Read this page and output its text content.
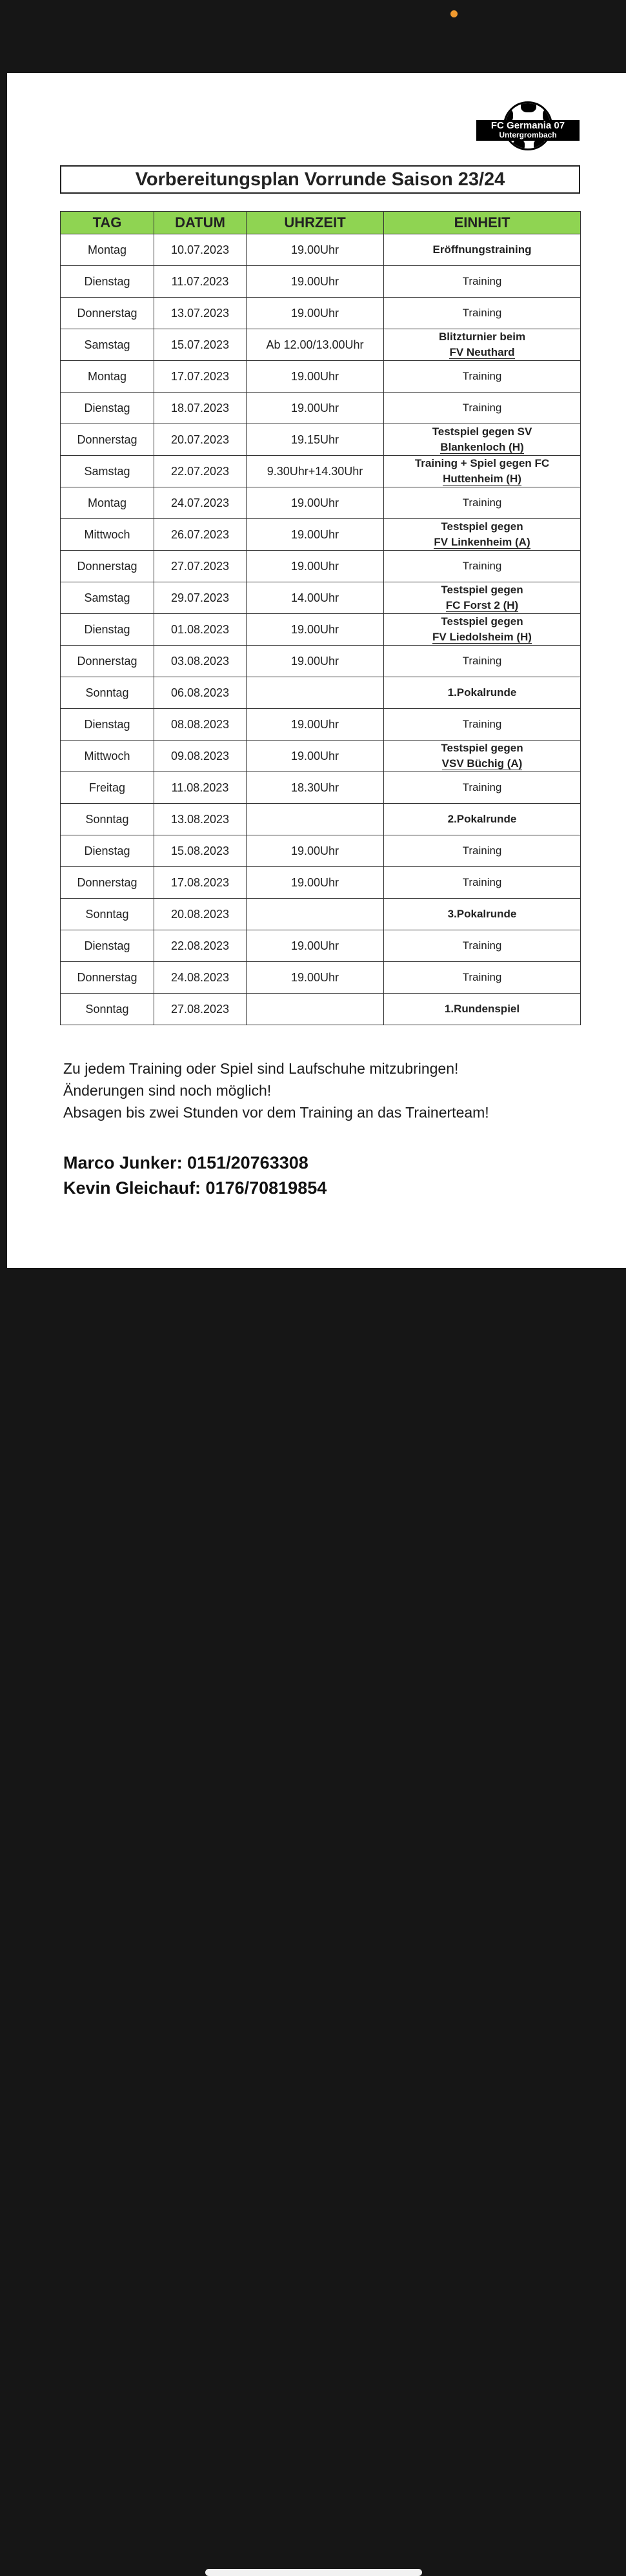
FC Germania 07
Untergrombach
Vorbereitungsplan Vorrunde Saison 23/24
TAG	DATUM	UHRZEIT	EINHEIT
Montag	10.07.2023	19.00Uhr	Eröffnungstraining

Dienstag	11.07.2023	19.00Uhr	Training

Donnerstag	13.07.2023	19.00Uhr	Training

Samstag	15.07.2023	Ab 12.00/13.00Uhr	Blitzturnier beim
FV Neuthard

Montag	17.07.2023	19.00Uhr	Training

Dienstag	18.07.2023	19.00Uhr	Training

Donnerstag	20.07.2023	19.15Uhr	Testspiel gegen SV
Blankenloch (H)

Samstag	22.07.2023	9.30Uhr+14.30Uhr	Training + Spiel gegen FC
Huttenheim (H)

Montag	24.07.2023	19.00Uhr	Training

Mittwoch	26.07.2023	19.00Uhr	Testspiel gegen
FV Linkenheim (A)

Donnerstag	27.07.2023	19.00Uhr	Training

Samstag	29.07.2023	14.00Uhr	Testspiel gegen
FC Forst 2 (H)

Dienstag	01.08.2023	19.00Uhr	Testspiel gegen
FV Liedolsheim (H)

Donnerstag	03.08.2023	19.00Uhr	Training

Sonntag	06.08.2023		1.Pokalrunde

Dienstag	08.08.2023	19.00Uhr	Training

Mittwoch	09.08.2023	19.00Uhr	Testspiel gegen
VSV Büchig (A)

Freitag	11.08.2023	18.30Uhr	Training

Sonntag	13.08.2023		2.Pokalrunde

Dienstag	15.08.2023	19.00Uhr	Training

Donnerstag	17.08.2023	19.00Uhr	Training

Sonntag	20.08.2023		3.Pokalrunde

Dienstag	22.08.2023	19.00Uhr	Training

Donnerstag	24.08.2023	19.00Uhr	Training

Sonntag	27.08.2023		1.Rundenspiel
Zu jedem Training oder Spiel sind Laufschuhe mitzubringen!
Änderungen sind noch möglich!
Absagen bis zwei Stunden vor dem Training an das Trainerteam!
Marco Junker: 0151/20763308
Kevin Gleichauf: 0176/70819854
